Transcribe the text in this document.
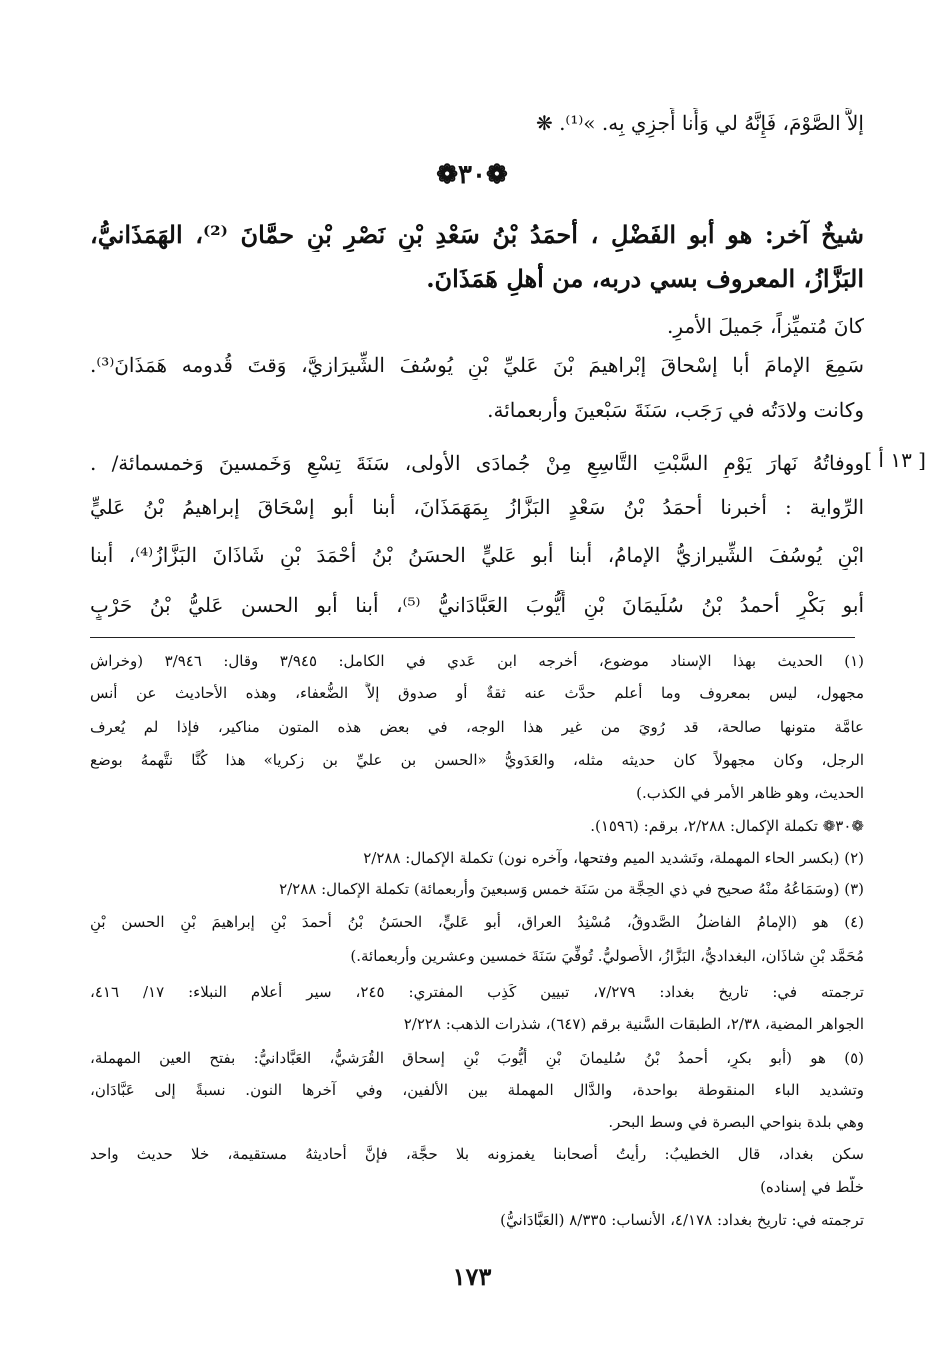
إلاَّ الصَّوْمَ، فَإِنَّهُ لي وَأَنا أَجزِي بِه. »⁽¹⁾. ❋
❁٣٠❁
شيخٌ آخر: هو أبو الفَضْلِ ، أحمَدُ بْنُ سَعْدِ بْنِ نَصْرِ بْنِ حمَّانَ ⁽²⁾، الهَمَذَانيُّ،
البَزَّازُ، المعروف بسي دربه، من أهلِ هَمَذَانَ.
كانَ مُتميِّزاً، جَميلَ الأمرِ.
سَمِعَ الإمامَ أبا إسْحاقَ إبْراهيمَ بْنَ عَليِّ بْنِ يُوسُفَ الشِّيرَازيَّ، وَقتَ قُدومه هَمَذَانَ⁽³⁾.
وكانت ولادَتُه في رَجَب، سَنَةَ سَبْعينَ وأربعمائة.
ووفاتُهُ نَهارَ يَوْمِ السَّبْتِ التَّاسِعِ مِنْ جُمادَى الأولى، سَنَةَ تِسْعٍ وَخَمسينَ وَخمسمائة/ . [ ١٣ أ ]
الرِّواية : أخبرنا أحمَدُ بْنُ سَعْدٍ البَزَّازُ بِمَهَمَذَانَ، أبنا أبو إسْحَاقَ إبراهيمُ بْنُ عَليٍّ
ابْنِ يُوسُفَ الشِّيرازيُّ الإمامُ، أبنا أبو عَليٍّ الحسَنُ بْنُ أحْمَدَ بْنِ شَاذَانَ البَزَّازُ⁽⁴⁾، أبنا
أبو بَكْرٍ أحمدُ بْنُ سُلَيمَانَ بْنِ أَيُّوبَ العَبَّادَانيُّ ⁽⁵⁾، أبنا أبو الحسن عَليُّ بْنُ حَرْبٍ
(١) الحديث بهذا الإسناد موضوع، أخرجه ابن عَدي في الكامل: ٣/٩٤٥ وقال: ٣/٩٤٦ (وخراش
مجهول، ليس بمعروف وما أعلم حدَّث عنه ثقةٌ أو صدوق إلاَّ الضُّعفاء، وهذه الأحاديث عن أنس
عامَّة متونها صالحة، قد رُويَ من غير هذا الوجه، في بعض هذه المتون مناكير، فإذا لم يُعرف
الرجل، وكان مجهولاً كان حديثه مثله، والعَدَويُّ «الحسن بن عليِّ بن زكريا» هذا كُنَّا نتَّهمهُ بوضع
الحديث، وهو ظاهر الأمر في الكذب.)
❁٣٠❁ تكملة الإكمال: ٢/٢٨٨، برقم: (١٥٩٦).
(٢) (بكسر الحاء المهملة، وتَشديد الميم وفتحها، وآخره نون) تكملة الإكمال: ٢/٢٨٨
(٣) (وسَمَاعُهُ منْهُ صحيح في ذي الحِجَّة من سَنَة خمس وَسبعينَ وأربعمائة) تكملة الإكمال: ٢/٢٨٨
(٤) هو (الإمامُ الفاضلُ الصَّدوقُ، مُسْنِدُ العراق، أبو عَليٍّ، الحسَنُ بْنُ أحمدَ بْنِ إبراهيمَ بْنِ الحسن بْنِ
مُحَمَّد بْنِ شاذَان، البغداديُّ، البَزَّازُ، الأُصوليُّ. تُوفِّيَ سَنَةَ خمسين وعشرين وأربعمائة.)
ترجمته في: تاريخ بغداد: ٧/٢٧٩، تبيين كَذِب المفتري: ٢٤٥، سير أعلام النبلاء: ١٧/ ٤١٦،
الجواهر المضية، ٢/٣٨، الطبقات السَّنية برقم (٦٤٧)، شذرات الذهب: ٢/٢٢٨
(٥) هو (أبو بكرٍ، أحمدُ بْنُ سُليمانَ بْنِ أيُّوبَ بْنِ إسحاق القُرَشيُّ، العَبَّادانيُّ: بفتح العين المهملة،
وتشديد الباء المنقوطة بواحدة، والدَّال المهملة بين الألفين، وفي آخرها النون. نسبةً إلى عَبَّادَان،
وهي بلدة بنواحي البصرة في وسط البحر.
سكن بغداد، قال الخطيبُ: رأيتُ أصحابنا يغمزونه بلا حجَّة، فإنَّ أحاديثهُ مستقيمة، خلا حديث واحد
خلَّط في إسناده)
ترجمته في: تاريخ بغداد: ٤/١٧٨، الأنساب: ٨/٣٣٥ (العَبَّادَانيُّ)
١٧٣
